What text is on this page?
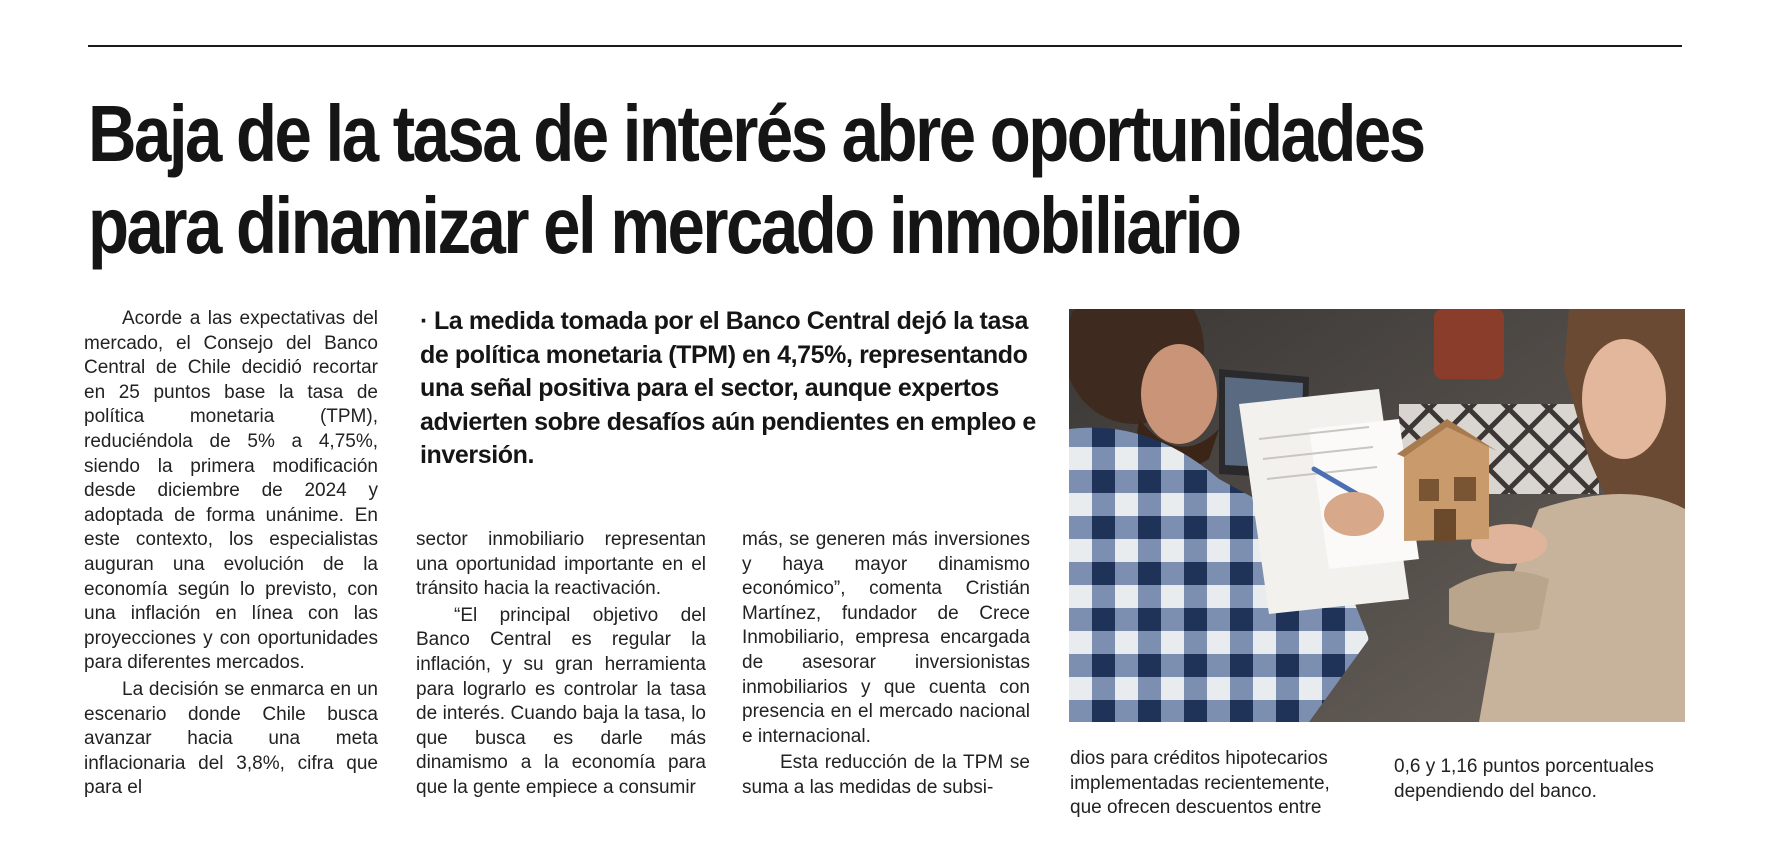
Baja de la tasa de interés abre oportunidades
para dinamizar el mercado inmobiliario

Acorde a las expectativas del mercado, el Consejo del Banco Central de Chile decidió recortar en 25 puntos base la tasa de política monetaria (TPM), reduciéndola de 5% a 4,75%, siendo la primera modificación desde diciembre de 2024 y adoptada de forma unánime. En este contexto, los especialistas auguran una evolución de la economía según lo previsto, con una inflación en línea con las proyecciones y con oportunidades para diferentes mercados.

La decisión se enmarca en un escenario donde Chile busca avanzar hacia una meta inflacionaria del 3,8%, cifra que para el

· La medida tomada por el Banco Central dejó la tasa de política monetaria (TPM) en 4,75%, representando una señal positiva para el sector, aunque expertos advierten sobre desafíos aún pendientes en empleo e inversión.

sector inmobiliario representan una oportunidad importante en el tránsito hacia la reactivación.

“El principal objetivo del Banco Central es regular la inflación, y su gran herramienta para lograrlo es controlar la tasa de interés. Cuando baja la tasa, lo que busca es darle más dinamismo a la economía para que la gente empiece a consumir

más, se generen más inversiones y haya mayor dinamismo económico”, comenta Cristián Martínez, fundador de Crece Inmobiliario, empresa encargada de asesorar inversionistas inmobiliarios y que cuenta con presencia en el mercado nacional e internacional.

Esta reducción de la TPM se suma a las medidas de subsi-

dios para créditos hipotecarios implementadas recientemente, que ofrecen descuentos entre
0,6 y 1,16 puntos porcentuales dependiendo del banco.
